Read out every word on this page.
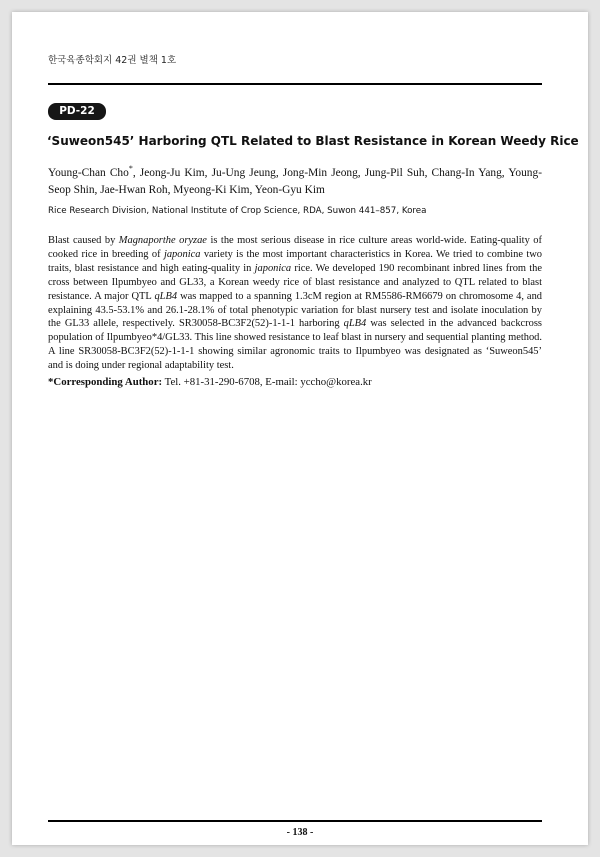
한국육종학회지 42권 별책 1호
PD-22
‘Suweon545’ Harboring QTL Related to Blast Resistance in Korean Weedy Rice
Young-Chan Cho*, Jeong-Ju Kim, Ju-Ung Jeung, Jong-Min Jeong, Jung-Pil Suh, Chang-In Yang, Young-Seop Shin, Jae-Hwan Roh, Myeong-Ki Kim, Yeon-Gyu Kim
Rice Research Division, National Institute of Crop Science, RDA, Suwon 441–857, Korea

Blast caused by Magnaporthe oryzae is the most serious disease in rice culture areas world-wide. Eating-quality of cooked rice in breeding of japonica variety is the most important characteristics in Korea. We tried to combine two traits, blast resistance and high eating-quality in japonica rice. We developed 190 recombinant inbred lines from the cross between Ilpumbyeo and GL33, a Korean weedy rice of blast resistance and analyzed to QTL related to blast resistance. A major QTL qLB4 was mapped to a spanning 1.3cM region at RM5586-RM6679 on chromosome 4, and explaining 43.5-53.1% and 26.1-28.1% of total phenotypic variation for blast nursery test and isolate inoculation by the GL33 allele, respectively. SR30058-BC3F2(52)-1-1-1 harboring qLB4 was selected in the advanced backcross population of Ilpumbyeo*4/GL33. This line showed resistance to leaf blast in nursery and sequential planting method. A line SR30058-BC3F2(52)-1-1-1 showing similar agronomic traits to Ilpumbyeo was designated as ‘Suweon545’ and is doing under regional adaptability test.

*Corresponding Author: Tel. +81-31-290-6708, E-mail: yccho@korea.kr
- 138 -
